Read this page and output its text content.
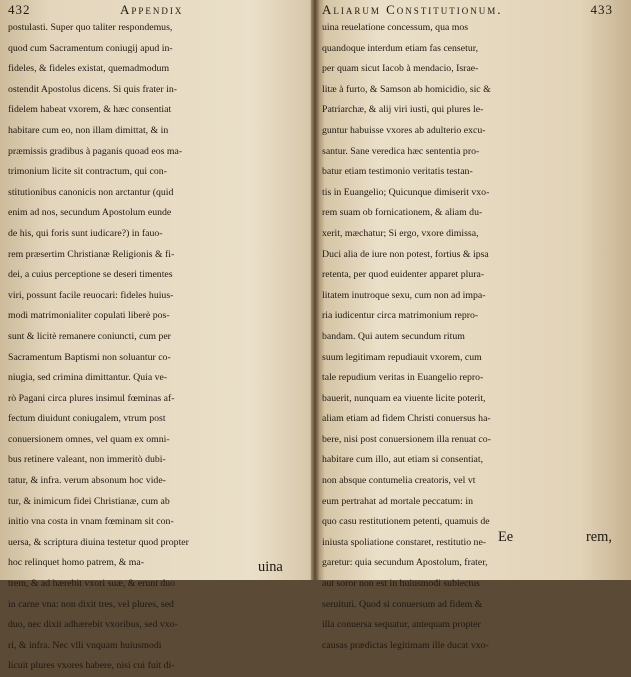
432	Appendix
postulasti. Super quo taliter respondemus,
quod cum Sacramentum coniugij apud in-
fideles, & fideles existat, quemadmodum
ostendit Apostolus dicens. Si quis frater in-
fidelem habeat vxorem, & hæc consentiat
habitare cum eo, non illam dimittat, & in
præmissis gradibus à paganis quoad eos ma-
trimonium licite sit contractum, qui con-
stitutionibus canonicis non arctantur (quid
enim ad nos, secundum Apostolum eunde
de his, qui foris sunt iudicare?) in fauo-
rem præsertim Christianæ Religionis & fi-
dei, a cuius perceptione se deseri timentes
viri, possunt facile reuocari: fideles huius-
modi matrimonialiter copulati liberè pos-
sunt & licitè remanere coniuncti, cum per
Sacramentum Baptismi non soluantur co-
niugia, sed crimina dimittantur. Quia ve-
rò Pagani circa plures insimul fœminas af-
fectum diuidunt coniugalem, vtrum post
conuersionem omnes, vel quam ex omni-
bus retinere valeant, non immeritò dubi-
tatur, & infra. verum absonum hoc vide-
tur, & inimicum fidei Christianæ, cum ab
initio vna costa in vnam fœminam sit con-
uersa, & scriptura diuina testetur quod propter
hoc relinquet homo patrem, & ma-
trem, & ad hærebit vxori suæ, & erunt duo
in carne vna: non dixit tres, vel plures, sed
duo, nec dixit adhærebit vxoribus, sed vxo-
ri, & infra. Nec vlli vnquam huiusmodi
licuit plures vxores habere, nisi cui fuit di-
uina
Aliarum Constitutionum.	433
uina reuelatione concessum, qua mos
quandoque interdum etiam fas censetur,
per quam sicut Iacob à mendacio, Israe-
litæ à furto, & Samson ab homicidio, sic &
Patriarchæ, & alij viri iusti, qui plures le-
guntur habuisse vxores ab adulterio excu-
santur. Sane veredica hæc sententia pro-
batur etiam testimonio veritatis testan-
tis in Euangelio; Quicunque dimiserit vxo-
rem suam ob fornicationem, & aliam du-
xerit, mæchatur; Si ergo, vxore dimissa,
Duci alia de iure non potest, fortius & ipsa
retenta, per quod euidenter apparet plura-
litatem inutroque sexu, cum non ad impa-
ria iudicentur circa matrimonium repro-
bandam. Qui autem secundum ritum
suum legitimam repudiauit vxorem, cum
tale repudium veritas in Euangelio repro-
bauerit, nunquam ea viuente licite poterit,
aliam etiam ad fidem Christi conuersus ha-
bere, nisi post conuersionem illa renuat co-
habitare cum illo, aut etiam si consentiat,
non absque contumelia creatoris, vel vt
eum pertrahat ad mortale peccatum: in
quo casu restitutionem petenti, quamuis de
iniusta spoliatione constaret, restitutio ne-
garetur: quia secundum Apostolum, frater,
aut soror non est in huiusmodi subiectus
seruituti. Quod si conuersum ad fidem &
illa conuersa sequatur, antequam propter
causas prædictas legitimam ille ducat vxo-
Ee	rem,
